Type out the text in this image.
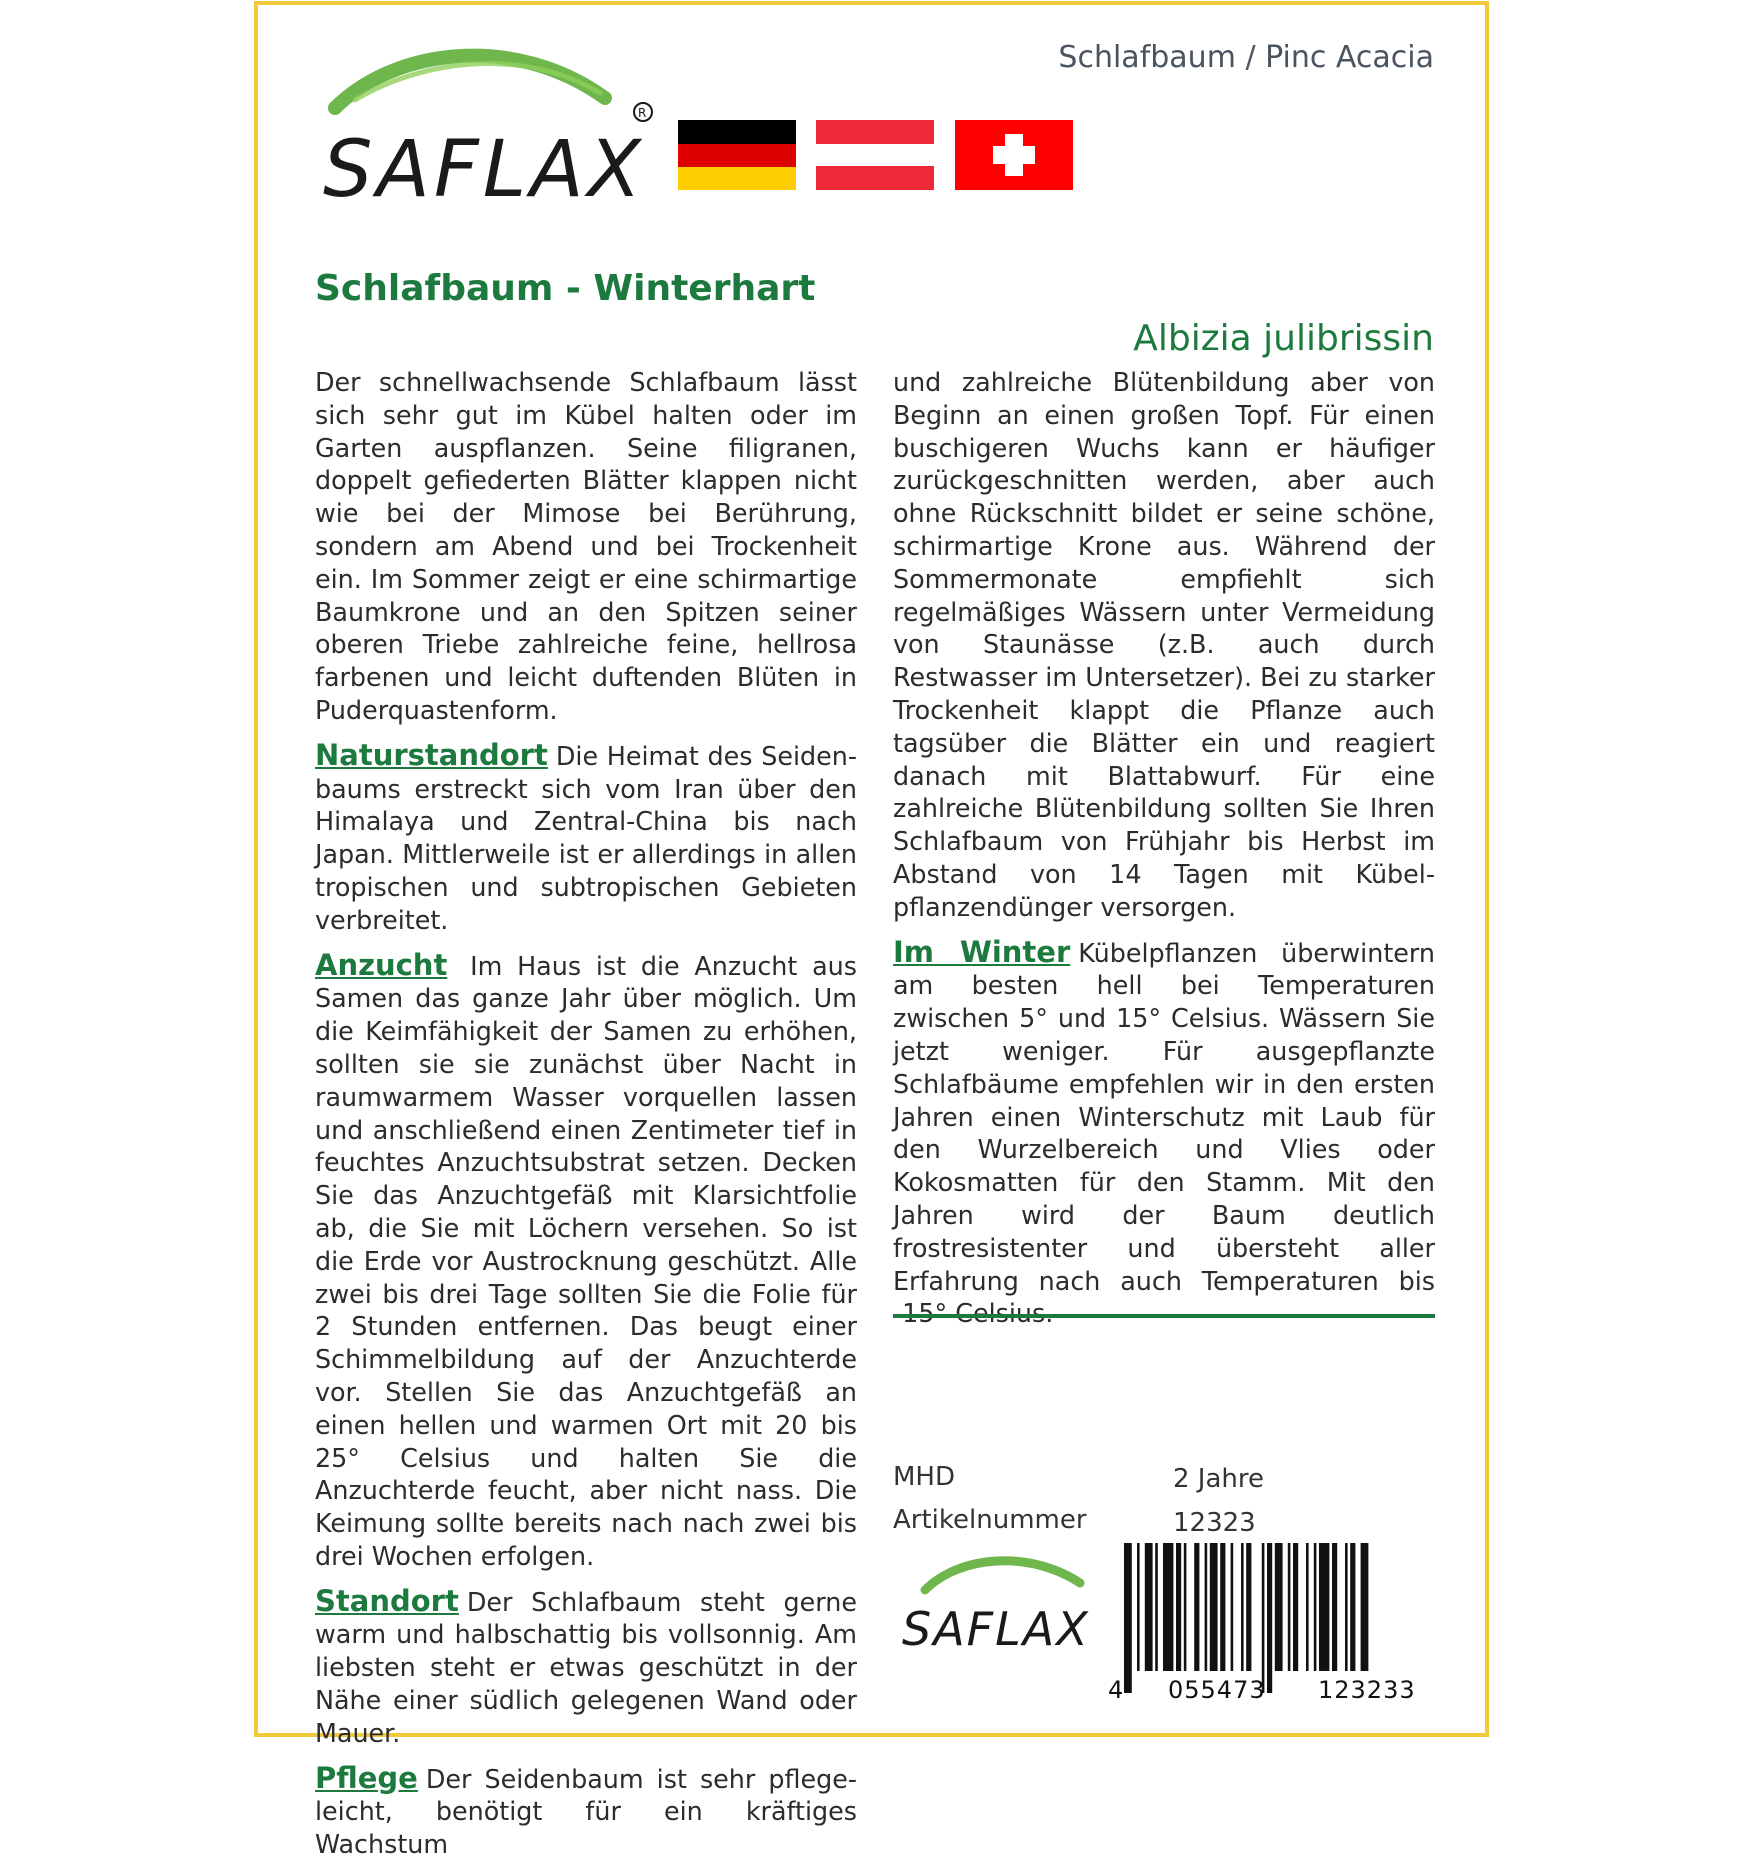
SAFLAX
R
Schlafbaum / Pinc Acacia
Schlafbaum - Winterhart
Albizia julibrissin

Der schnellwachsende Schlafbaum lässt sich sehr gut im Kübel halten oder im Garten auspflanzen. Seine filigranen, doppelt gefiederten Blätter klappen nicht wie bei der Mimose bei Berührung, sondern am Abend und bei Trockenheit ein. Im Sommer zeigt er eine schirmartige Baumkrone und an den Spitzen seiner oberen Triebe zahlreiche feine, hellrosa farbenen und leicht duftenden Blüten in Puderquastenform.

Naturstandort Die Heimat des Seidenbaums erstreckt sich vom Iran über den Himalaya und Zentral-China bis nach Japan. Mittlerweile ist er allerdings in allen tropischen und subtropischen Gebieten verbreitet.

Anzucht Im Haus ist die Anzucht aus Samen das ganze Jahr über möglich. Um die Keimfähigkeit der Samen zu erhöhen, sollten sie sie zunächst über Nacht in raumwarmem Wasser vorquellen lassen und anschließend einen Zentimeter tief in feuchtes Anzuchtsubstrat setzen. Decken Sie das Anzuchtgefäß mit Klarsichtfolie ab, die Sie mit Löchern versehen. So ist die Erde vor Austrocknung geschützt. Alle zwei bis drei Tage sollten Sie die Folie für 2 Stunden entfernen. Das beugt einer Schimmelbildung auf der Anzuchterde vor. Stellen Sie das Anzuchtgefäß an einen hellen und warmen Ort mit 20 bis 25° Celsius und halten Sie die Anzuchterde feucht, aber nicht nass. Die Keimung sollte bereits nach nach zwei bis drei Wochen erfolgen.

Standort Der Schlafbaum steht gerne warm und halbschattig bis vollsonnig. Am liebsten steht er etwas geschützt in der Nähe einer südlich gelegenen Wand oder Mauer.

Pflege Der Seidenbaum ist sehr pflegeleicht, benötigt für ein kräftiges Wachstum

und zahlreiche Blütenbildung aber von Beginn an einen großen Topf. Für einen buschigeren Wuchs kann er häufiger zurückgeschnitten werden, aber auch ohne Rückschnitt bildet er seine schöne, schirmartige Krone aus. Während der Sommermonate empfiehlt sich regelmäßiges Wässern unter Vermeidung von Staunässe (z.B. auch durch Restwasser im Untersetzer). Bei zu starker Trockenheit klappt die Pflanze auch tagsüber die Blätter ein und reagiert danach mit Blattabwurf. Für eine zahlreiche Blütenbildung sollten Sie Ihren Schlafbaum von Frühjahr bis Herbst im Abstand von 14 Tagen mit Kübelpflanzendünger versorgen.

Im Winter Kübelpflanzen überwintern am besten hell bei Temperaturen zwischen 5° und 15° Celsius. Wässern Sie jetzt weniger. Für ausgepflanzte Schlafbäume empfehlen wir in den ersten Jahren einen Winterschutz mit Laub für den Wurzelbereich und Vlies oder Kokosmatten für den Stamm. Mit den Jahren wird der Baum deutlich frostresistenter und übersteht aller Erfahrung nach auch Temperaturen bis

MHD	2 Jahre
Artikelnummer	12323
SAFLAX
4 055473 123233
